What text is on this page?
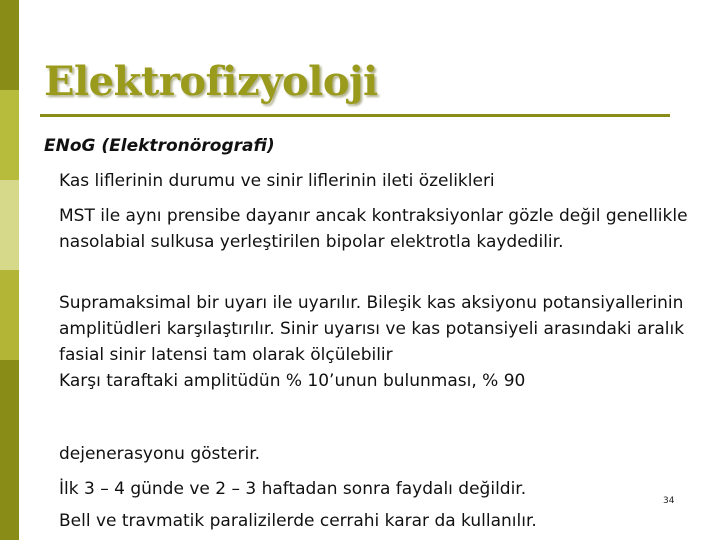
Elektrofizyoloji
ENoG (Elektronörografi)
Kas liflerinin durumu ve sinir liflerinin ileti özelikleri
MST ile aynı prensibe dayanır ancak kontraksiyonlar gözle değil genellikle nasolabial sulkusa yerleştirilen bipolar elektrotla kaydedilir.
Supramaksimal bir uyarı ile uyarılır. Bileşik kas aksiyonu potansiyallerinin amplitüdleri karşılaştırılır. Sinir uyarısı ve kas potansiyeli arasındaki aralık fasial sinir latensi tam olarak ölçülebilir
Karşı taraftaki amplitüdün % 10’unun bulunması, % 90
dejenerasyonu gösterir.
İlk 3 – 4 günde ve 2 – 3 haftadan sonra faydalı değildir.
Bell ve travmatik paralizilerde cerrahi karar da kullanılır.
34
